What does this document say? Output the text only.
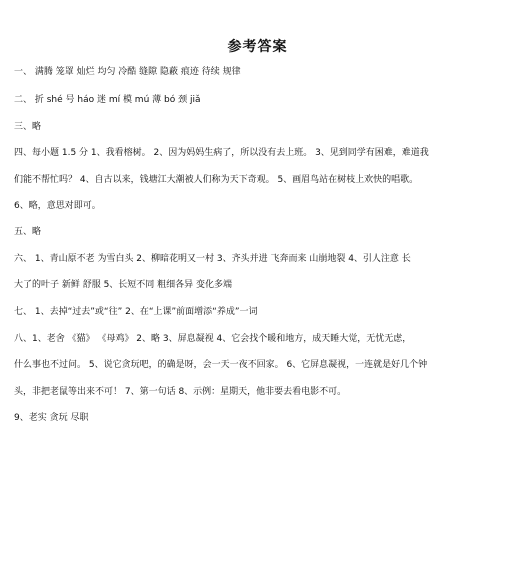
参考答案
一、 满腾 笼罩 灿烂 均匀 冷酷 缝隙 隐蔽 痕迹 待续 规律
二、 折 shé 号 háo 迷 mí 模 mú 薄 bó 颈 jiǎ
三、略
四、每小题 1.5 分 1、我看榕树。 2、因为妈妈生病了，所以没有去上班。 3、见到同学有困难，难道我
们能不帮忙吗？ 4、自古以来，钱塘江大潮被人们称为天下奇观。 5、画眉鸟站在树枝上欢快的唱歌。
6、略，意思对即可。
五、略
六、 1、青山原不老 为雪白头 2、柳暗花明又一村 3、齐头并进 飞奔而来 山崩地裂 4、引人注意 长
大了的叶子 新鲜 舒服 5、长短不同 粗细各异 变化多端
七、 1、去掉“过去”或“往” 2、在“上课”前面增添“养成”一词
八、1、老舍 《猫》 《母鸡》 2、略 3、屏息凝视 4、它会找个暖和地方，成天睡大觉，无忧无虑，
什么事也不过问。 5、说它贪玩吧，的确是呀，会一天一夜不回家。 6、它屏息凝视，一连就是好几个钟
头，非把老鼠等出来不可！ 7、第一句话 8、示例：星期天，他非要去看电影不可。
9、老实 贪玩 尽职
